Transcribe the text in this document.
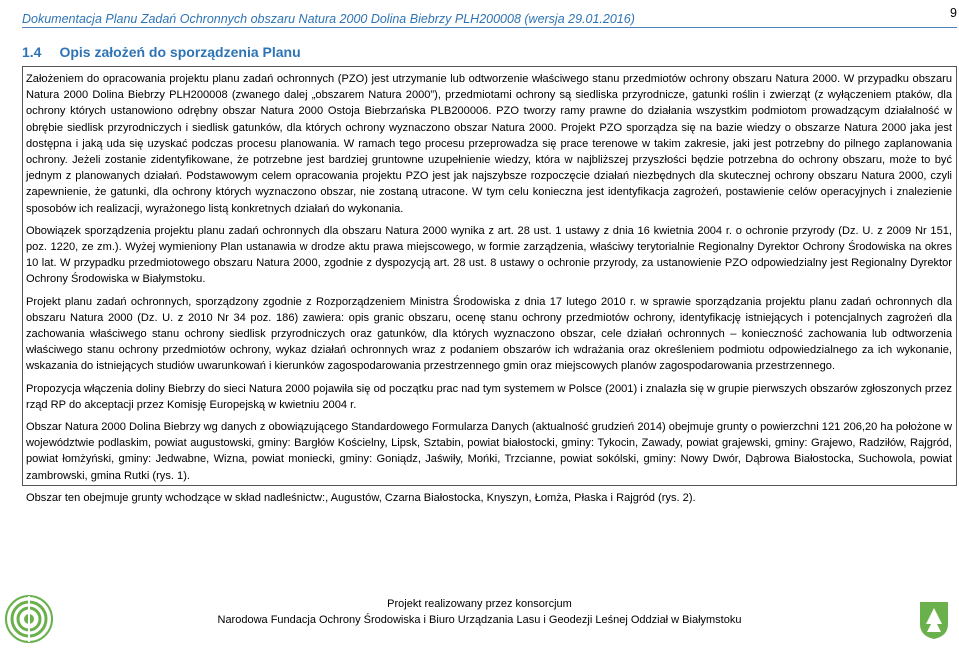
Dokumentacja Planu Zadań Ochronnych obszaru Natura 2000 Dolina Biebrzy PLH200008 (wersja 29.01.2016)	9
1.4 Opis założeń do sporządzenia Planu

Założeniem do opracowania projektu planu zadań ochronnych (PZO) jest utrzymanie lub odtworzenie właściwego stanu przedmiotów ochrony obszaru Natura 2000. W przypadku obszaru Natura 2000 Dolina Biebrzy PLH200008 (zwanego dalej „obszarem Natura 2000”), przedmiotami ochrony są siedliska przyrodnicze, gatunki roślin i zwierząt (z wyłączeniem ptaków, dla ochrony których ustanowiono odrębny obszar Natura 2000 Ostoja Biebrzańska PLB200006. PZO tworzy ramy prawne do działania wszystkim podmiotom prowadzącym działalność w obrębie siedlisk przyrodniczych i siedlisk gatunków, dla których ochrony wyznaczono obszar Natura 2000. Projekt PZO sporządza się na bazie wiedzy o obszarze Natura 2000 jaka jest dostępna i jaką uda się uzyskać podczas procesu planowania. W ramach tego procesu przeprowadza się prace terenowe w takim zakresie, jaki jest potrzebny do pilnego zaplanowania ochrony. Jeżeli zostanie zidentyfikowane, że potrzebne jest bardziej gruntowne uzupełnienie wiedzy, która w najbliższej przyszłości będzie potrzebna do ochrony obszaru, może to być jednym z planowanych działań. Podstawowym celem opracowania projektu PZO jest jak najszybsze rozpoczęcie działań niezbędnych dla skutecznej ochrony obszaru Natura 2000, czyli zapewnienie, że gatunki, dla ochrony których wyznaczono obszar, nie zostaną utracone. W tym celu konieczna jest identyfikacja zagrożeń, postawienie celów operacyjnych i znalezienie sposobów ich realizacji, wyrażonego listą konkretnych działań do wykonania.

Obowiązek sporządzenia projektu planu zadań ochronnych dla obszaru Natura 2000 wynika z art. 28 ust. 1 ustawy z dnia 16 kwietnia 2004 r. o ochronie przyrody (Dz. U. z 2009 Nr 151, poz. 1220, ze zm.). Wyżej wymieniony Plan ustanawia w drodze aktu prawa miejscowego, w formie zarządzenia, właściwy terytorialnie Regionalny Dyrektor Ochrony Środowiska na okres 10 lat. W przypadku przedmiotowego obszaru Natura 2000, zgodnie z dyspozycją art. 28 ust. 8 ustawy o ochronie przyrody, za ustanowienie PZO odpowiedzialny jest Regionalny Dyrektor Ochrony Środowiska w Białymstoku.

Projekt planu zadań ochronnych, sporządzony zgodnie z Rozporządzeniem Ministra Środowiska z dnia 17 lutego 2010 r. w sprawie sporządzania projektu planu zadań ochronnych dla obszaru Natura 2000 (Dz. U. z 2010 Nr 34 poz. 186) zawiera: opis granic obszaru, ocenę stanu ochrony przedmiotów ochrony, identyfikację istniejących i potencjalnych zagrożeń dla zachowania właściwego stanu ochrony siedlisk przyrodniczych oraz gatunków, dla których wyznaczono obszar, cele działań ochronnych – konieczność zachowania lub odtworzenia właściwego stanu ochrony przedmiotów ochrony, wykaz działań ochronnych wraz z podaniem obszarów ich wdrażania oraz określeniem podmiotu odpowiedzialnego za ich wykonanie, wskazania do istniejących studiów uwarunkowań i kierunków zagospodarowania przestrzennego gmin oraz miejscowych planów zagospodarowania przestrzennego.

Propozycja włączenia doliny Biebrzy do sieci Natura 2000 pojawiła się od początku prac nad tym systemem w Polsce (2001) i znalazła się w grupie pierwszych obszarów zgłoszonych przez rząd RP do akceptacji przez Komisję Europejską w kwietniu 2004 r.

Obszar Natura 2000 Dolina Biebrzy wg danych z obowiązującego Standardowego Formularza Danych (aktualność grudzień 2014) obejmuje grunty o powierzchni 121 206,20 ha położone w województwie podlaskim, powiat augustowski, gminy: Bargłów Kościelny, Lipsk, Sztabin, powiat białostocki, gminy: Tykocin, Zawady, powiat grajewski, gminy: Grajewo, Radziłów, Rajgród, powiat łomżyński, gminy: Jedwabne, Wizna, powiat moniecki, gminy: Goniądz, Jaświły, Mońki, Trzcianne, powiat sokólski, gminy: Nowy Dwór, Dąbrowa Białostocka, Suchowola, powiat zambrowski, gmina Rutki (rys. 1).

Obszar ten obejmuje grunty wchodzące w skład nadleśnictw:, Augustów, Czarna Białostocka, Knyszyn, Łomża, Płaska i Rajgród (rys. 2).

Projekt realizowany przez konsorcjum
Narodowa Fundacja Ochrony Środowiska i Biuro Urządzania Lasu i Geodezji Leśnej Oddział w Białymstoku
